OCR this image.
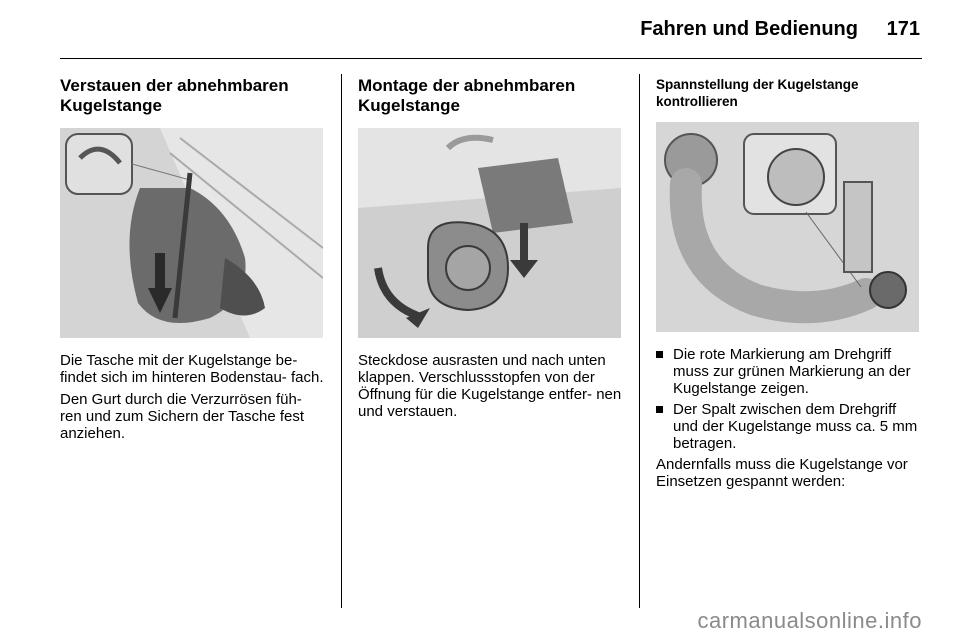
Fahren und Bedienung 171
Verstauen der abnehmbaren Kugelstange

Die Tasche mit der Kugelstange be- findet sich im hinteren Bodenstau- fach.

Den Gurt durch die Verzurrösen füh- ren und zum Sichern der Tasche fest anziehen.

Montage der abnehmbaren Kugelstange

Steckdose ausrasten und nach unten klappen. Verschlussstopfen von der Öffnung für die Kugelstange entfer- nen und verstauen.

Spannstellung der Kugelstange kontrollieren
Die rote Markierung am Drehgriff muss zur grünen Markierung an der Kugelstange zeigen.
Der Spalt zwischen dem Drehgriff und der Kugelstange muss ca. 5 mm betragen.

Andernfalls muss die Kugelstange vor Einsetzen gespannt werden:

carmanualsonline.info
